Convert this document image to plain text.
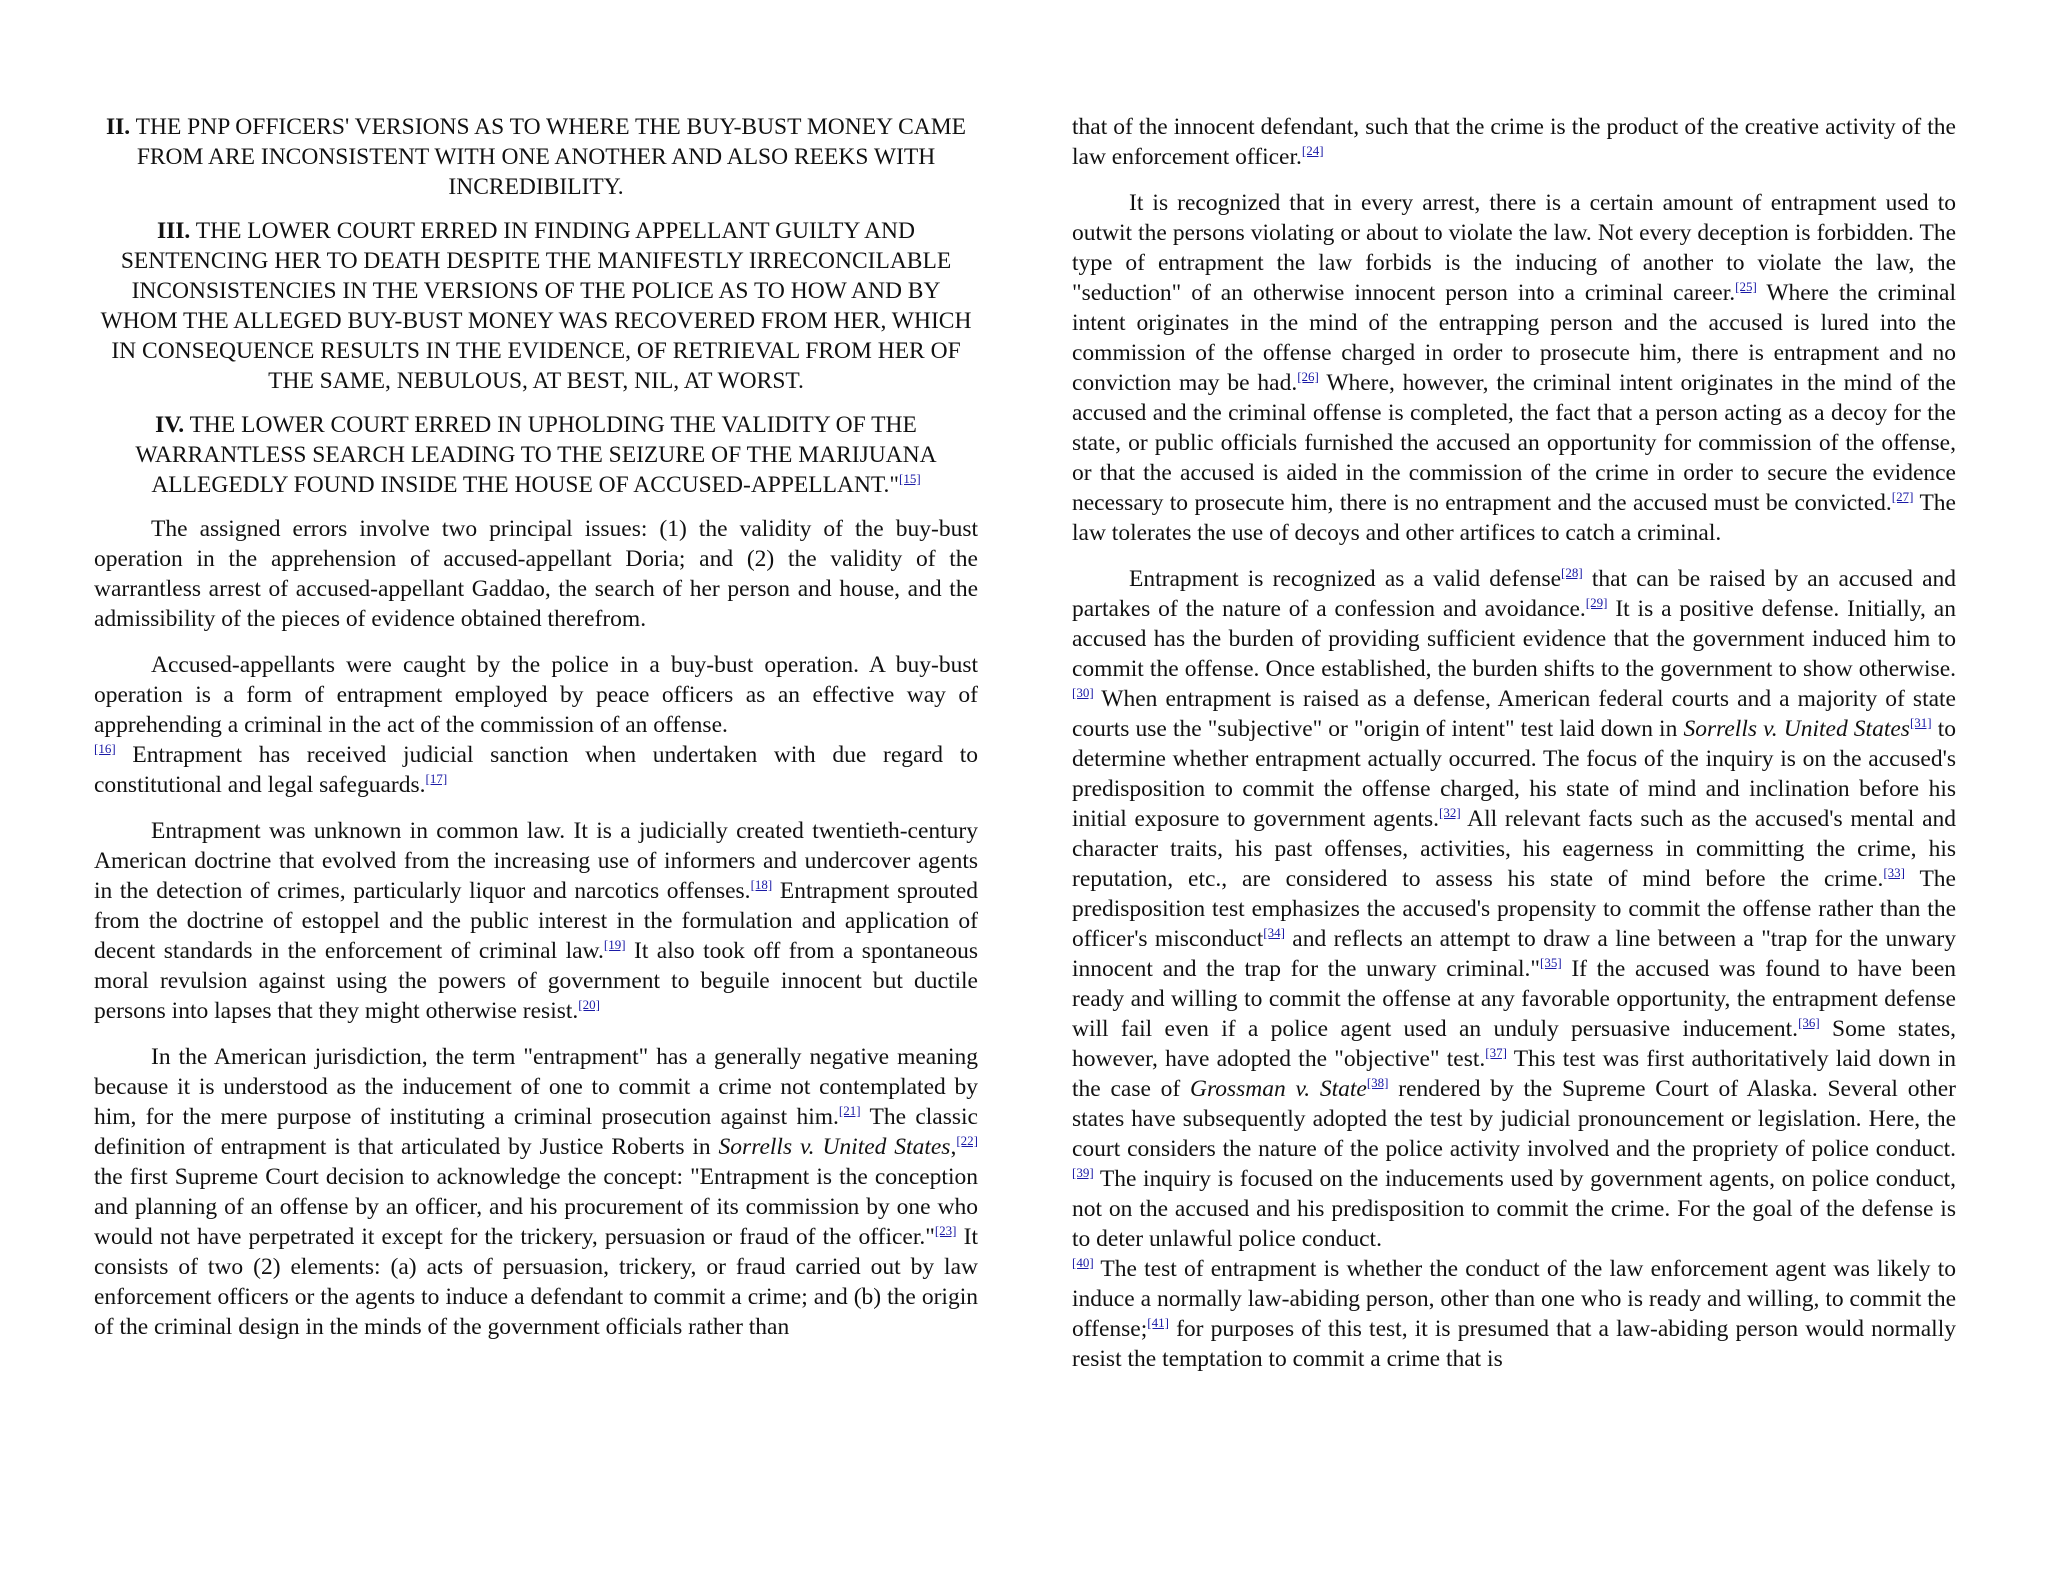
II. THE PNP OFFICERS' VERSIONS AS TO WHERE THE BUY-BUST MONEY CAME FROM ARE INCONSISTENT WITH ONE ANOTHER AND ALSO REEKS WITH INCREDIBILITY.
III. THE LOWER COURT ERRED IN FINDING APPELLANT GUILTY AND SENTENCING HER TO DEATH DESPITE THE MANIFESTLY IRRECONCILABLE INCONSISTENCIES IN THE VERSIONS OF THE POLICE AS TO HOW AND BY WHOM THE ALLEGED BUY-BUST MONEY WAS RECOVERED FROM HER, WHICH IN CONSEQUENCE RESULTS IN THE EVIDENCE, OF RETRIEVAL FROM HER OF THE SAME, NEBULOUS, AT BEST, NIL, AT WORST.
IV. THE LOWER COURT ERRED IN UPHOLDING THE VALIDITY OF THE WARRANTLESS SEARCH LEADING TO THE SEIZURE OF THE MARIJUANA ALLEGEDLY FOUND INSIDE THE HOUSE OF ACCUSED-APPELLANT."[15]

The assigned errors involve two principal issues: (1) the validity of the buy-bust operation in the apprehension of accused-appellant Doria; and (2) the validity of the warrantless arrest of accused-appellant Gaddao, the search of her person and house, and the admissibility of the pieces of evidence obtained therefrom.

Accused-appellants were caught by the police in a buy-bust operation. A buy-bust operation is a form of entrapment employed by peace officers as an effective way of apprehending a criminal in the act of the commission of an offense.
[16] Entrapment has received judicial sanction when undertaken with due regard to constitutional and legal safeguards.[17]

Entrapment was unknown in common law. It is a judicially created twentieth-century American doctrine that evolved from the increasing use of informers and undercover agents in the detection of crimes, particularly liquor and narcotics offenses.[18] Entrapment sprouted from the doctrine of estoppel and the public interest in the formulation and application of decent standards in the enforcement of criminal law.[19] It also took off from a spontaneous moral revulsion against using the powers of government to beguile innocent but ductile persons into lapses that they might otherwise resist.[20]

In the American jurisdiction, the term "entrapment" has a generally negative meaning because it is understood as the inducement of one to commit a crime not contemplated by him, for the mere purpose of instituting a criminal prosecution against him.[21] The classic definition of entrapment is that articulated by Justice Roberts in Sorrells v. United States,[22] the first Supreme Court decision to acknowledge the concept: "Entrapment is the conception and planning of an offense by an officer, and his procurement of its commission by one who would not have perpetrated it except for the trickery, persuasion or fraud of the officer."[23] It consists of two (2) elements: (a) acts of persuasion, trickery, or fraud carried out by law enforcement officers or the agents to induce a defendant to commit a crime; and (b) the origin of the criminal design in the minds of the government officials rather than

that of the innocent defendant, such that the crime is the product of the creative activity of the law enforcement officer.[24]

It is recognized that in every arrest, there is a certain amount of entrapment used to outwit the persons violating or about to violate the law. Not every deception is forbidden. The type of entrapment the law forbids is the inducing of another to violate the law, the "seduction" of an otherwise innocent person into a criminal career.[25] Where the criminal intent originates in the mind of the entrapping person and the accused is lured into the commission of the offense charged in order to prosecute him, there is entrapment and no conviction may be had.[26] Where, however, the criminal intent originates in the mind of the accused and the criminal offense is completed, the fact that a person acting as a decoy for the state, or public officials furnished the accused an opportunity for commission of the offense, or that the accused is aided in the commission of the crime in order to secure the evidence necessary to prosecute him, there is no entrapment and the accused must be convicted.[27] The law tolerates the use of decoys and other artifices to catch a criminal.

Entrapment is recognized as a valid defense[28] that can be raised by an accused and partakes of the nature of a confession and avoidance.[29] It is a positive defense. Initially, an accused has the burden of providing sufficient evidence that the government induced him to commit the offense. Once established, the burden shifts to the government to show otherwise.[30] When entrapment is raised as a defense, American federal courts and a majority of state courts use the "subjective" or "origin of intent" test laid down in Sorrells v. United States[31] to determine whether entrapment actually occurred. The focus of the inquiry is on the accused's predisposition to commit the offense charged, his state of mind and inclination before his initial exposure to government agents.[32] All relevant facts such as the accused's mental and character traits, his past offenses, activities, his eagerness in committing the crime, his reputation, etc., are considered to assess his state of mind before the crime.[33] The predisposition test emphasizes the accused's propensity to commit the offense rather than the officer's misconduct[34] and reflects an attempt to draw a line between a "trap for the unwary innocent and the trap for the unwary criminal."[35] If the accused was found to have been ready and willing to commit the offense at any favorable opportunity, the entrapment defense will fail even if a police agent used an unduly persuasive inducement.[36] Some states, however, have adopted the "objective" test.[37] This test was first authoritatively laid down in the case of Grossman v. State[38] rendered by the Supreme Court of Alaska. Several other states have subsequently adopted the test by judicial pronouncement or legislation. Here, the court considers the nature of the police activity involved and the propriety of police conduct.[39] The inquiry is focused on the inducements used by government agents, on police conduct, not on the accused and his predisposition to commit the crime. For the goal of the defense is to deter unlawful police conduct.
[40] The test of entrapment is whether the conduct of the law enforcement agent was likely to induce a normally law-abiding person, other than one who is ready and willing, to commit the offense;[41] for purposes of this test, it is presumed that a law-abiding person would normally resist the temptation to commit a crime that is
